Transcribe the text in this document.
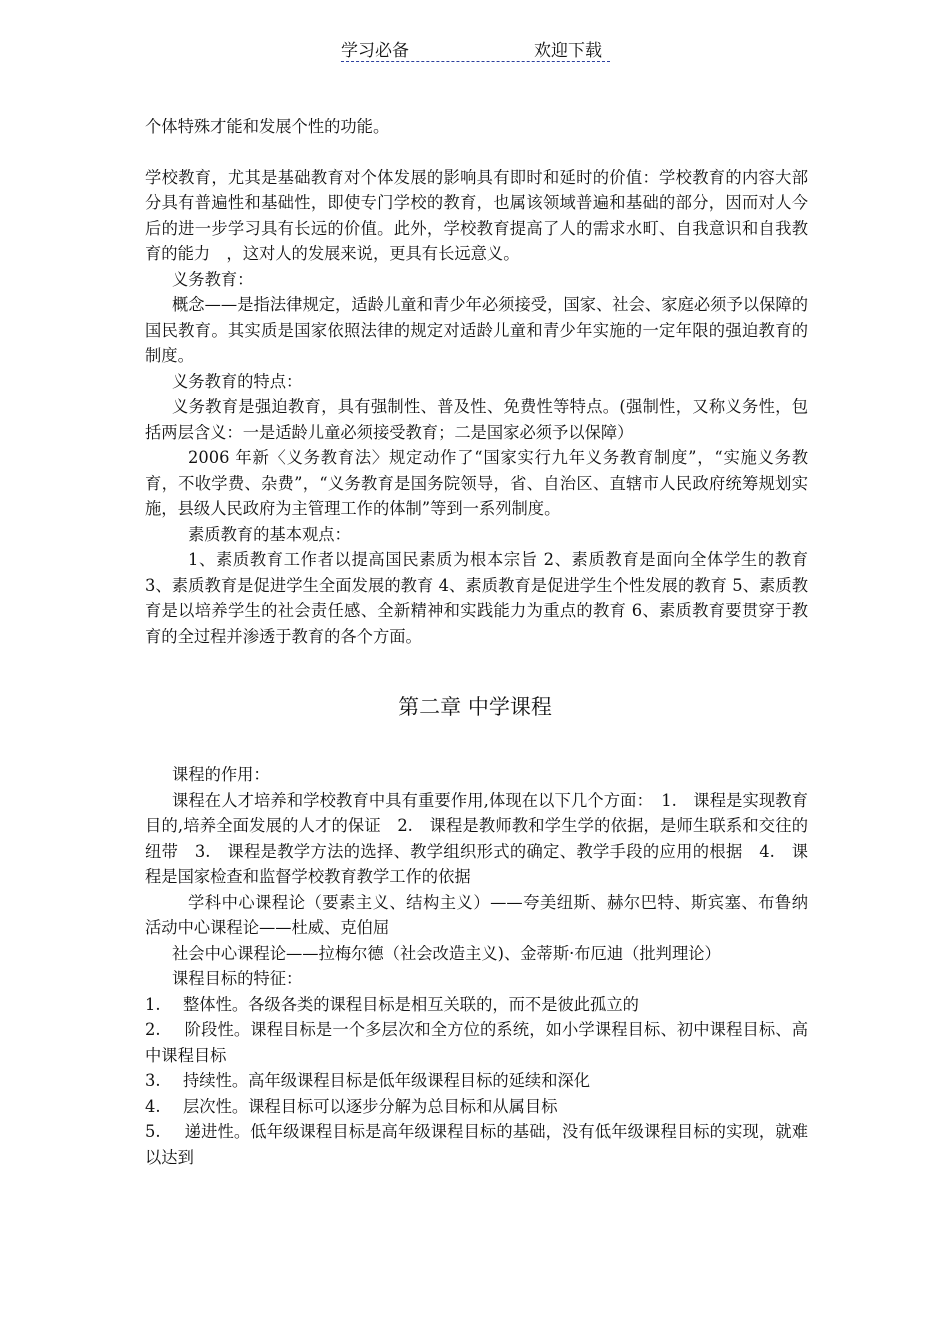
学习必备	欢迎下载

个体特殊才能和发展个性的功能。

学校教育，尤其是基础教育对个体发展的影响具有即时和延时的价值：学校教育的内容大部分具有普遍性和基础性，即使专门学校的教育，也属该领域普遍和基础的部分，因而对人今后的进一步学习具有长远的价值。此外，学校教育提高了人的需求水町、自我意识和自我教育的能力　，这对人的发展来说，更具有长远意义。

义务教育：

概念——是指法律规定，适龄儿童和青少年必须接受，国家、社会、家庭必须予以保障的国民教育。其实质是国家依照法律的规定对适龄儿童和青少年实施的一定年限的强迫教育的制度。

义务教育的特点：

义务教育是强迫教育，具有强制性、普及性、免费性等特点。(强制性，又称义务性，包括两层含义：一是适龄儿童必须接受教育；二是国家必须予以保障）

2006 年新〈义务教育法〉规定动作了“国家实行九年义务教育制度”，“实施义务教育，不收学费、杂费”，“义务教育是国务院领导，省、自治区、直辖市人民政府统筹规划实施，县级人民政府为主管理工作的体制”等到一系列制度。

素质教育的基本观点：

1、素质教育工作者以提高国民素质为根本宗旨 2、素质教育是面向全体学生的教育 3、素质教育是促进学生全面发展的教育 4、素质教育是促进学生个性发展的教育 5、素质教育是以培养学生的社会责任感、全新精神和实践能力为重点的教育 6、素质教育要贯穿于教育的全过程并渗透于教育的各个方面。

第二章 中学课程

课程的作用：

课程在人才培养和学校教育中具有重要作用,体现在以下几个方面：　1.　课程是实现教育目的,培养全面发展的人才的保证　2.　课程是教师教和学生学的依据，是师生联系和交往的纽带　3.　课程是教学方法的选择、教学组织形式的确定、教学手段的应用的根据　4.　课程是国家检查和监督学校教育教学工作的依据

学科中心课程论（要素主义、结构主义）——夸美纽斯、赫尔巴特、斯宾塞、布鲁纳　活动中心课程论——杜威、克伯屈

社会中心课程论——拉梅尔德（社会改造主义)、金蒂斯·布厄迪（批判理论）

课程目标的特征：

1.	整体性。各级各类的课程目标是相互关联的，而不是彼此孤立的

2. 阶段性。课程目标是一个多层次和全方位的系统，如小学课程目标、初中课程目标、高中课程目标

3.	持续性。高年级课程目标是低年级课程目标的延续和深化
4.	层次性。课程目标可以逐步分解为总目标和从属目标

5. 递进性。低年级课程目标是高年级课程目标的基础，没有低年级课程目标的实现，就难以达到
